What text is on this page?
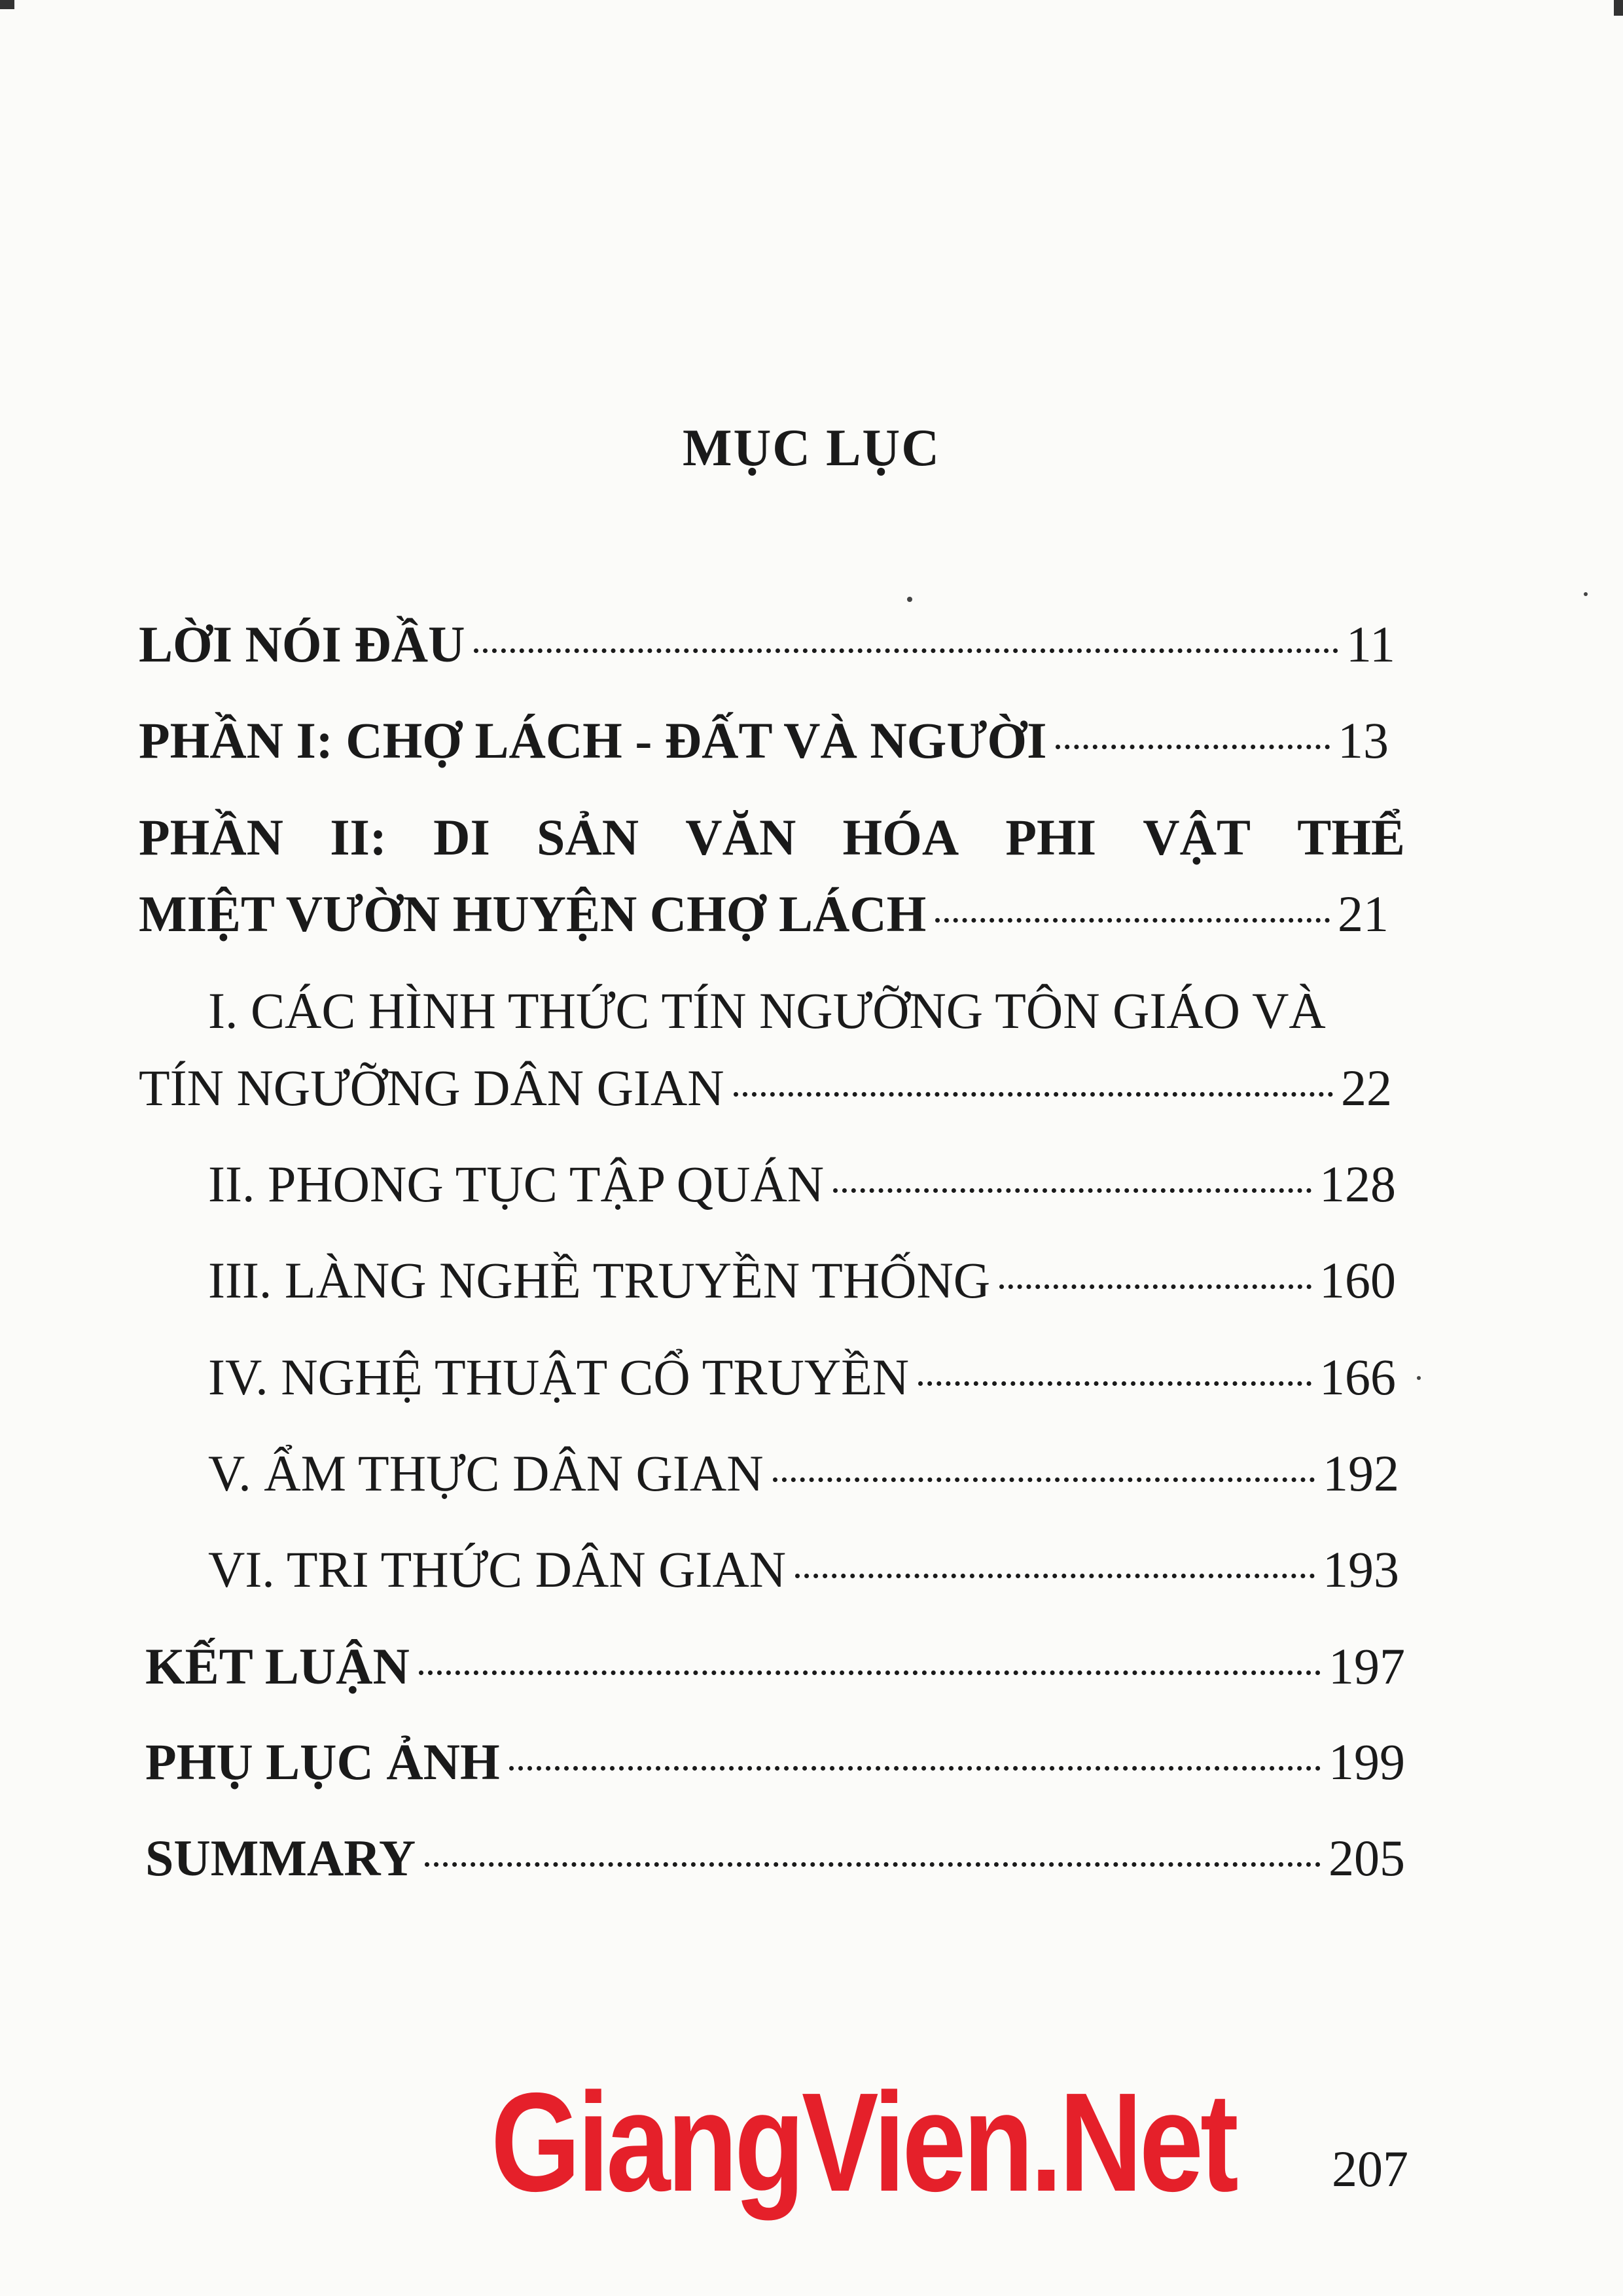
MỤC LỤC
LỜI NÓI ĐẦU	11
PHẦN I: CHỢ LÁCH - ĐẤT VÀ NGƯỜI	13
PHẦN II: DI SẢN VĂN HÓA PHI VẬT THỂ
MIỆT VƯỜN HUYỆN CHỢ LÁCH	21
I. CÁC HÌNH THỨC TÍN NGƯỠNG TÔN GIÁO VÀ
TÍN NGƯỠNG DÂN GIAN	22
II. PHONG TỤC TẬP QUÁN	128
III. LÀNG NGHỀ TRUYỀN THỐNG	160
IV. NGHỆ THUẬT CỔ TRUYỀN	166
V. ẨM THỰC DÂN GIAN	192
VI. TRI THỨC DÂN GIAN	193
KẾT LUẬN	197
PHỤ LỤC ẢNH	199
SUMMARY	205
GiangVien.Net 207
